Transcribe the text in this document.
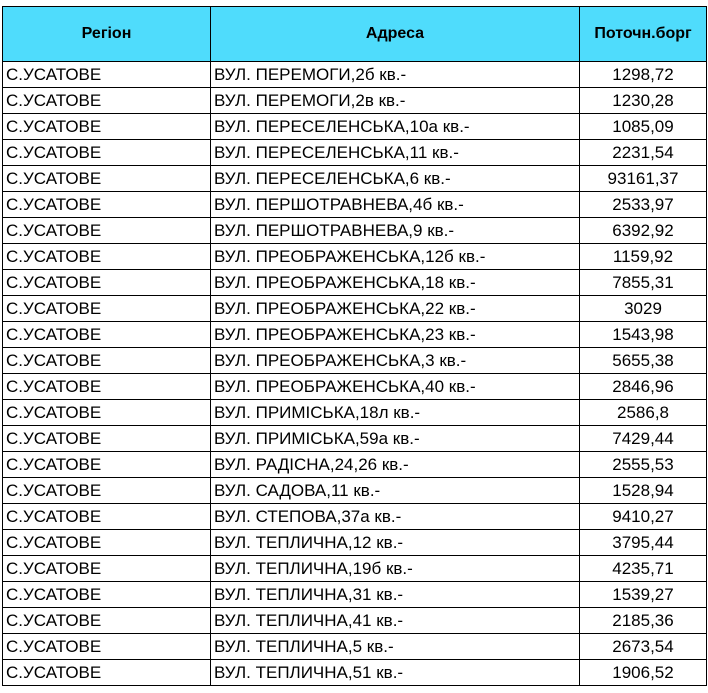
Регіон	Адреса	Поточн.борг
С.УСАТОВЕ	ВУЛ. ПЕРЕМОГИ,2б кв.-	1298,72
С.УСАТОВЕ	ВУЛ. ПЕРЕМОГИ,2в кв.-	1230,28
С.УСАТОВЕ	ВУЛ. ПЕРЕСЕЛЕНСЬКА,10а кв.-	1085,09
С.УСАТОВЕ	ВУЛ. ПЕРЕСЕЛЕНСЬКА,11 кв.-	2231,54
С.УСАТОВЕ	ВУЛ. ПЕРЕСЕЛЕНСЬКА,6 кв.-	93161,37
С.УСАТОВЕ	ВУЛ. ПЕРШОТРАВНЕВА,4б кв.-	2533,97
С.УСАТОВЕ	ВУЛ. ПЕРШОТРАВНЕВА,9 кв.-	6392,92
С.УСАТОВЕ	ВУЛ. ПРЕОБРАЖЕНСЬКА,12б кв.-	1159,92
С.УСАТОВЕ	ВУЛ. ПРЕОБРАЖЕНСЬКА,18 кв.-	7855,31
С.УСАТОВЕ	ВУЛ. ПРЕОБРАЖЕНСЬКА,22 кв.-	3029
С.УСАТОВЕ	ВУЛ. ПРЕОБРАЖЕНСЬКА,23 кв.-	1543,98
С.УСАТОВЕ	ВУЛ. ПРЕОБРАЖЕНСЬКА,3 кв.-	5655,38
С.УСАТОВЕ	ВУЛ. ПРЕОБРАЖЕНСЬКА,40 кв.-	2846,96
С.УСАТОВЕ	ВУЛ. ПРИМІСЬКА,18л кв.-	2586,8
С.УСАТОВЕ	ВУЛ. ПРИМІСЬКА,59а кв.-	7429,44
С.УСАТОВЕ	ВУЛ. РАДІСНА,24,26 кв.-	2555,53
С.УСАТОВЕ	ВУЛ. САДОВА,11 кв.-	1528,94
С.УСАТОВЕ	ВУЛ. СТЕПОВА,37а кв.-	9410,27
С.УСАТОВЕ	ВУЛ. ТЕПЛИЧНА,12 кв.-	3795,44
С.УСАТОВЕ	ВУЛ. ТЕПЛИЧНА,19б кв.-	4235,71
С.УСАТОВЕ	ВУЛ. ТЕПЛИЧНА,31 кв.-	1539,27
С.УСАТОВЕ	ВУЛ. ТЕПЛИЧНА,41 кв.-	2185,36
С.УСАТОВЕ	ВУЛ. ТЕПЛИЧНА,5 кв.-	2673,54
С.УСАТОВЕ	ВУЛ. ТЕПЛИЧНА,51 кв.-	1906,52
